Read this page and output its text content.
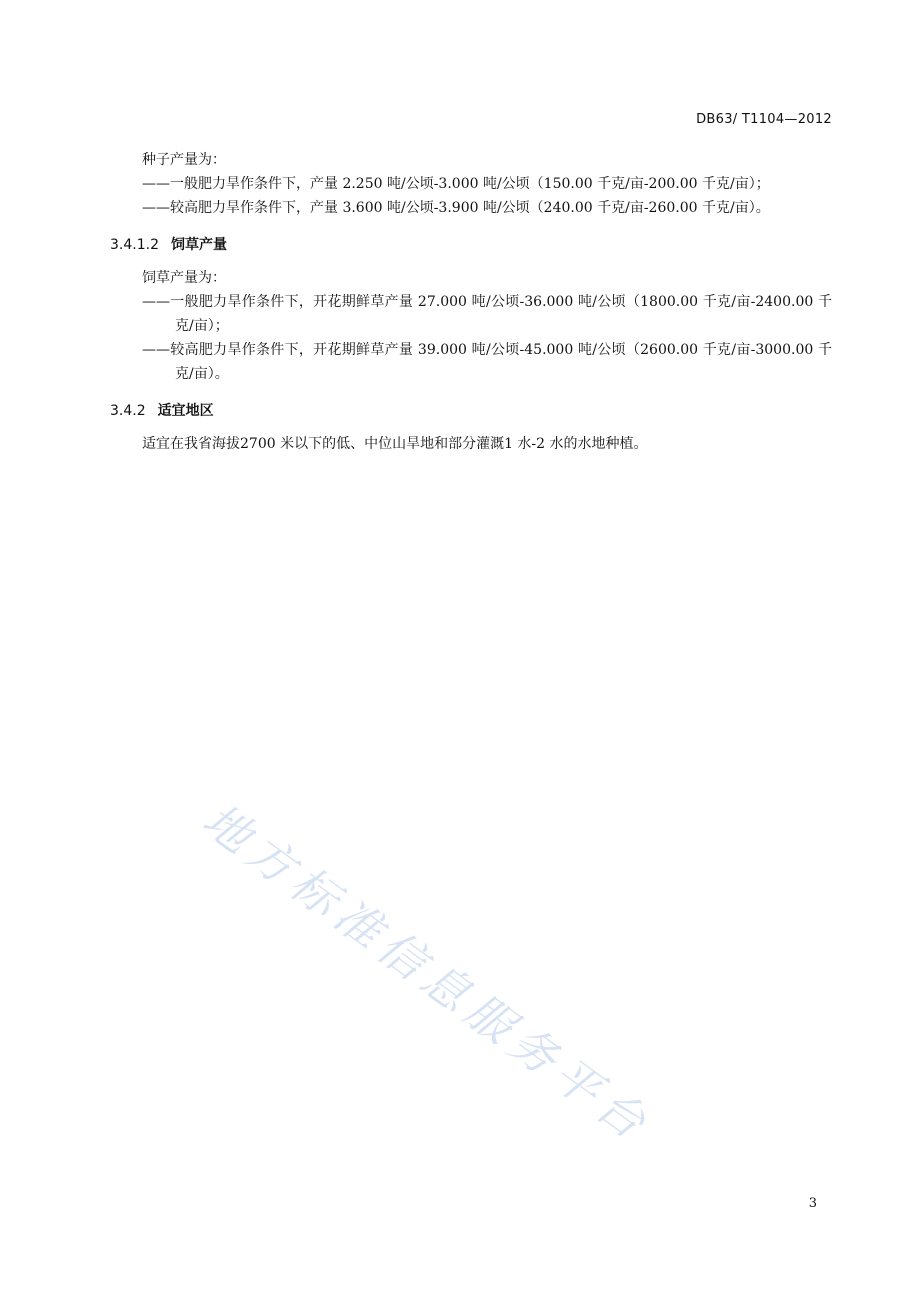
DB63/ T1104—2012

种子产量为：

——一般肥力旱作条件下，产量 2.250 吨/公顷-3.000 吨/公顷（150.00 千克/亩-200.00 千克/亩）；

——较高肥力旱作条件下，产量 3.600 吨/公顷-3.900 吨/公顷（240.00 千克/亩-260.00 千克/亩）。

3.4.1.2 饲草产量

饲草产量为：

——一般肥力旱作条件下，开花期鲜草产量 27.000 吨/公顷-36.000 吨/公顷（1800.00 千克/亩-2400.00 千克/亩）；

——较高肥力旱作条件下，开花期鲜草产量 39.000 吨/公顷-45.000 吨/公顷（2600.00 千克/亩-3000.00 千克/亩）。

3.4.2 适宜地区

适宜在我省海拔2700 米以下的低、中位山旱地和部分灌溉1 水-2 水的水地种植。

地方标准信息服务平台
3
